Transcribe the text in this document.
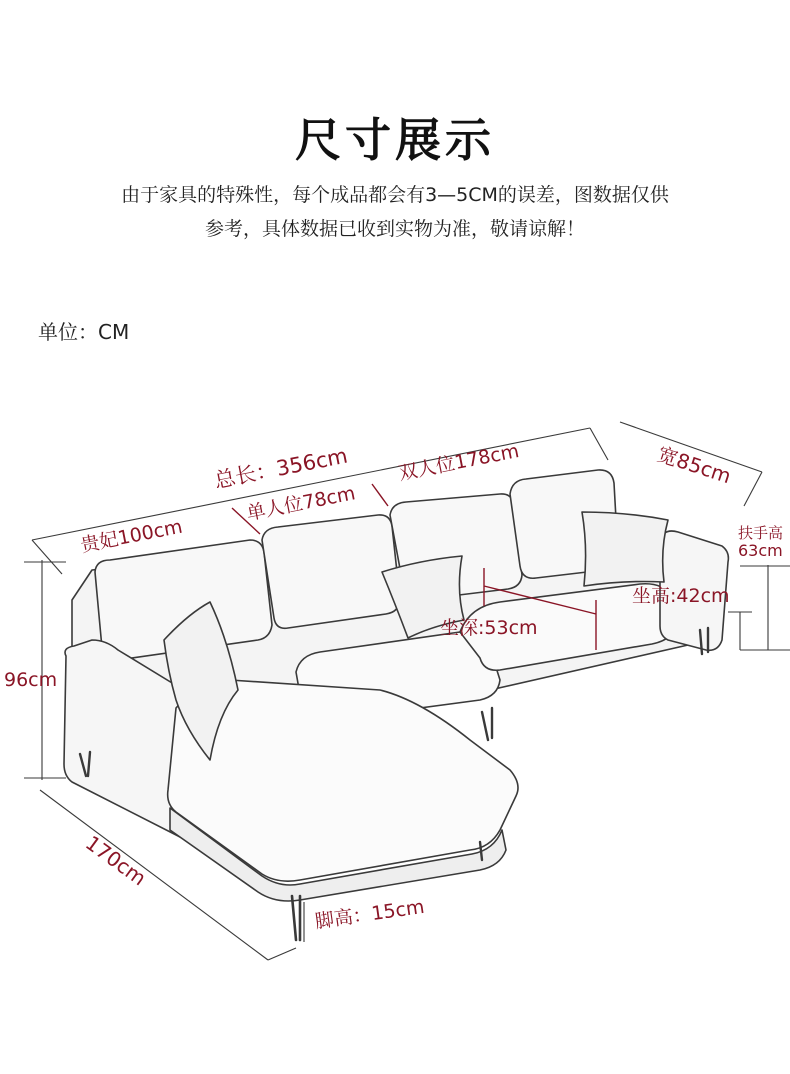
尺寸展示
由于家具的特殊性，每个成品都会有3—5CM的误差，图数据仅供
参考，具体数据已收到实物为准，敬请谅解！
单位：CM
总长：356cm 双人位178cm
单人位78cm
贵妃100cm
宽85cm
扶手高
63cm
坐高:42cm
坐深:53cm
96cm
170cm
脚高：15cm
